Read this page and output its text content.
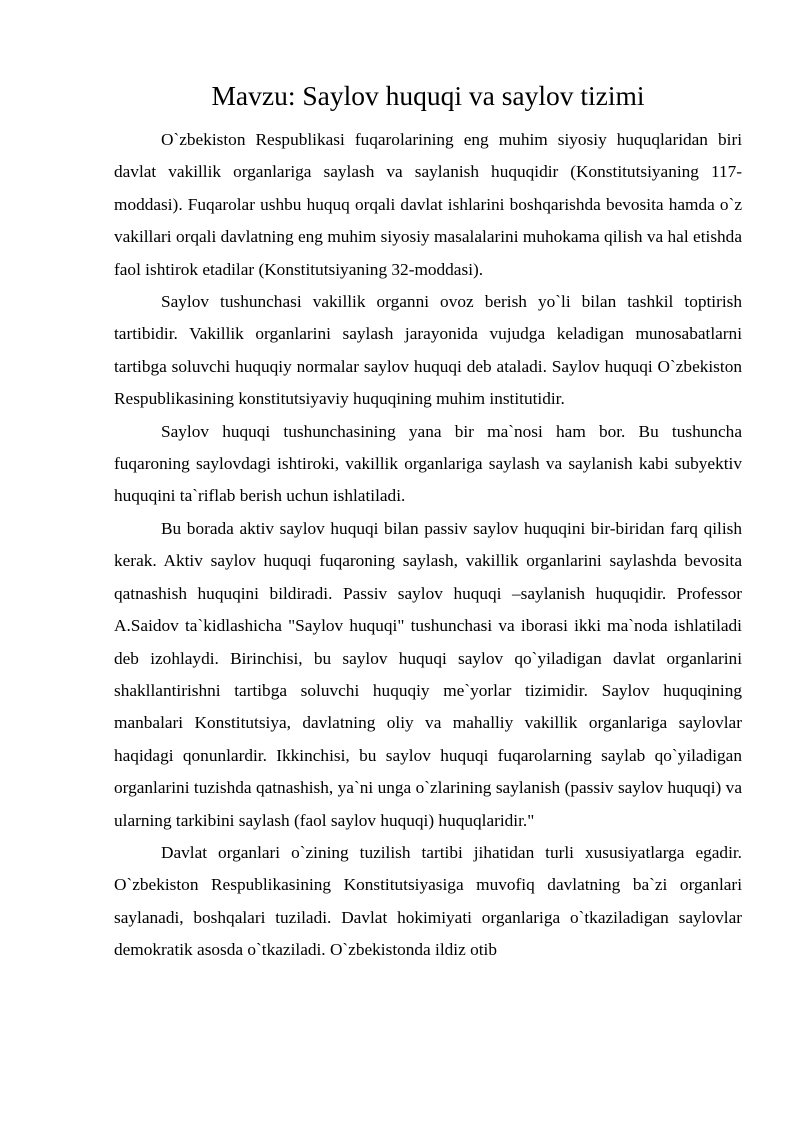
Mavzu: Saylov huquqi va saylov tizimi

O`zbekiston Respublikasi fuqarolarining eng muhim siyosiy huquqlaridan biri davlat vakillik organlariga saylash va saylanish huquqidir (Konstitutsiyaning 117-moddasi). Fuqarolar ushbu huquq orqali davlat ishlarini boshqarishda bevosita hamda o`z vakillari orqali davlatning eng muhim siyosiy masalalarini muhokama qilish va hal etishda faol ishtirok etadilar (Konstitutsiyaning 32-moddasi).

Saylov tushunchasi vakillik organni ovoz berish yo`li bilan tashkil toptirish tartibidir. Vakillik organlarini saylash jarayonida vujudga keladigan munosabatlarni tartibga soluvchi huquqiy normalar saylov huquqi deb ataladi. Saylov huquqi O`zbekiston Respublikasining konstitutsiyaviy huquqining muhim institutidir.

Saylov huquqi tushunchasining yana bir ma`nosi ham bor. Bu tushuncha fuqaroning saylovdagi ishtiroki, vakillik organlariga saylash va saylanish kabi subyektiv huquqini ta`riflab berish uchun ishlatiladi.

Bu borada aktiv saylov huquqi bilan passiv saylov huquqini bir-biridan farq qilish kerak. Aktiv saylov huquqi fuqaroning saylash, vakillik organlarini saylashda bevosita qatnashish huquqini bildiradi. Passiv saylov huquqi –saylanish huquqidir. Professor A.Saidov ta`kidlashicha "Saylov huquqi" tushunchasi va iborasi ikki ma`noda ishlatiladi deb izohlaydi. Birinchisi, bu saylov huquqi saylov qo`yiladigan davlat organlarini shakllantirishni tartibga soluvchi huquqiy me`yorlar tizimidir. Saylov huquqining manbalari Konstitutsiya, davlatning oliy va mahalliy vakillik organlariga saylovlar haqidagi qonunlardir. Ikkinchisi, bu saylov huquqi fuqarolarning saylab qo`yiladigan organlarini tuzishda qatnashish, ya`ni unga o`zlarining saylanish (passiv saylov huquqi) va ularning tarkibini saylash (faol saylov huquqi) huquqlaridir."

Davlat organlari o`zining tuzilish tartibi jihatidan turli xususiyatlarga egadir. O`zbekiston Respublikasining Konstitutsiyasiga muvofiq davlatning ba`zi organlari saylanadi, boshqalari tuziladi. Davlat hokimiyati organlariga o`tkaziladigan saylovlar demokratik asosda o`tkaziladi. O`zbekistonda ildiz otib
